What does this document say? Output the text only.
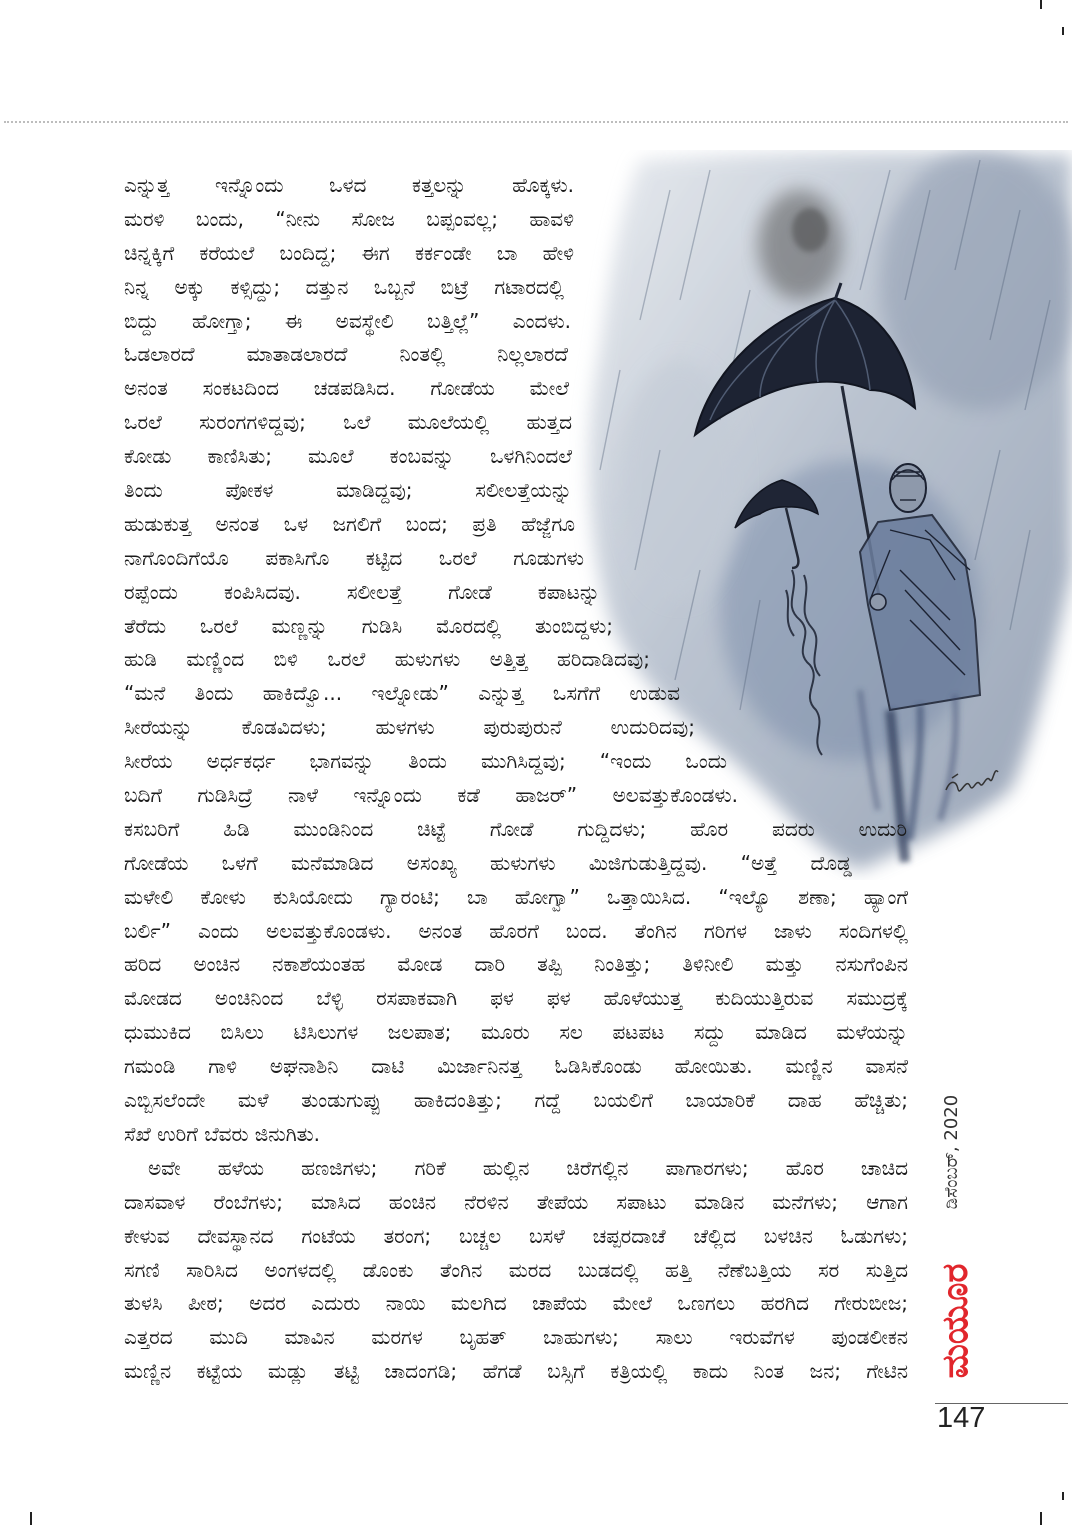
ಎನ್ನುತ್ತ ಇನ್ನೊಂದು ಒಳದ ಕತ್ತಲನ್ನು ಹೊಕ್ಕಳು.
ಮರಳಿ ಬಂದು, “ನೀನು ಸೋಜ ಬಪ್ಪಂವಲ್ಲ; ಹಾವಳಿ
ಚಿನ್ನಕ್ಕಿಗೆ ಕರೆಯಲೆ ಬಂದಿದ್ದ; ಈಗ ಕರ್ಕಂಡೇ ಬಾ ಹೇಳಿ
ನಿನ್ನ ಅಕ್ಕು ಕಳ್ಸಿದ್ದು; ದತ್ತುನ ಒಬ್ಬನೆ ಬಿಟ್ರೆ ಗಟಾರದಲ್ಲಿ
ಬಿದ್ದು ಹೋಗ್ತಾ; ಈ ಅವಸ್ಥೇಲಿ ಬತ್ತಿಲ್ಲೆ” ಎಂದಳು.
ಓಡಲಾರದೆ ಮಾತಾಡಲಾರದೆ ನಿಂತಲ್ಲಿ ನಿಲ್ಲಲಾರದೆ
ಅನಂತ ಸಂಕಟದಿಂದ ಚಡಪಡಿಸಿದ. ಗೋಡೆಯ ಮೇಲೆ
ಒರಲೆ ಸುರಂಗಗಳಿದ್ದವು; ಒಲೆ ಮೂಲೆಯಲ್ಲಿ ಹುತ್ತದ
ಕೋಡು ಕಾಣಿಸಿತು; ಮೂಲೆ ಕಂಬವನ್ನು ಒಳಗಿನಿಂದಲೆ
ತಿಂದು ಪೋಕಳ ಮಾಡಿದ್ದವು; ಸಲೀಲತ್ತೆಯನ್ನು
ಹುಡುಕುತ್ತ ಅನಂತ ಒಳ ಜಗಲಿಗೆ ಬಂದ; ಪ್ರತಿ ಹೆಜ್ಜೆಗೂ
ನಾಗೊಂದಿಗೆಯೊ ಪಕಾಸಿಗೊ ಕಟ್ಟಿದ ಒರಲೆ ಗೂಡುಗಳು
ರಪ್ಪೆಂದು ಕಂಪಿಸಿದವು. ಸಲೀಲತ್ತೆ ಗೋಡೆ ಕಪಾಟನ್ನು
ತೆರೆದು ಒರಲೆ ಮಣ್ಣನ್ನು ಗುಡಿಸಿ ಮೊರದಲ್ಲಿ ತುಂಬಿದ್ದಳು;
ಹುಡಿ ಮಣ್ಣಿಂದ ಬಿಳಿ ಒರಲೆ ಹುಳುಗಳು ಅತ್ತಿತ್ತ ಹರಿದಾಡಿದವು;
“ಮನೆ ತಿಂದು ಹಾಕಿದ್ವೊ... ಇಲ್ನೋಡು” ಎನ್ನುತ್ತ ಒಸಗೆಗೆ ಉಡುವ
ಸೀರೆಯನ್ನು ಕೊಡವಿದಳು; ಹುಳಗಳು ಪುರುಪುರುನೆ ಉದುರಿದವು;
ಸೀರೆಯ ಅರ್ಧಕರ್ಧ ಭಾಗವನ್ನು ತಿಂದು ಮುಗಿಸಿದ್ದವು; “ಇಂದು ಒಂದು
ಬದಿಗೆ ಗುಡಿಸಿದ್ರೆ ನಾಳೆ ಇನ್ನೊಂದು ಕಡೆ ಹಾಜರ್” ಅಲವತ್ತುಕೊಂಡಳು.
ಕಸಬರಿಗೆ ಹಿಡಿ ಮುಂಡಿನಿಂದ ಚಿಟ್ಟೆ ಗೋಡೆ ಗುದ್ದಿದಳು; ಹೊರ ಪದರು ಉದುರಿ
ಗೋಡೆಯ ಒಳಗೆ ಮನೆಮಾಡಿದ ಅಸಂಖ್ಯ ಹುಳುಗಳು ಮಿಜಿಗುಡುತ್ತಿದ್ದವು. “ಅತ್ತೆ ದೊಡ್ಡ
ಮಳೇಲಿ ಕೋಳು ಕುಸಿಯೋದು ಗ್ಯಾರಂಟಿ; ಬಾ ಹೋಗ್ವಾ” ಒತ್ತಾಯಿಸಿದ. “ಇಲ್ಯೊ ಶಣಾ; ಹ್ಯಾಂಗೆ
ಬರ್ಲಿ” ಎಂದು ಅಲವತ್ತುಕೊಂಡಳು. ಅನಂತ ಹೊರಗೆ ಬಂದ. ತೆಂಗಿನ ಗರಿಗಳ ಜಾಳು ಸಂದಿಗಳಲ್ಲಿ
ಹರಿದ ಅಂಚಿನ ನಕಾಶೆಯಂತಹ ಮೋಡ ದಾರಿ ತಪ್ಪಿ ನಿಂತಿತ್ತು; ತಿಳಿನೀಲಿ ಮತ್ತು ನಸುಗೆಂಪಿನ
ಮೋಡದ ಅಂಚಿನಿಂದ ಬೆಳ್ಳಿ ರಸಪಾಕವಾಗಿ ಫಳ ಫಳ ಹೊಳೆಯುತ್ತ ಕುದಿಯುತ್ತಿರುವ ಸಮುದ್ರಕ್ಕೆ
ಧುಮುಕಿದ ಬಿಸಿಲು ಟಿಸಿಲುಗಳ ಜಲಪಾತ; ಮೂರು ಸಲ ಪಟಪಟ ಸದ್ದು ಮಾಡಿದ ಮಳೆಯನ್ನು
ಗಮಂಡಿ ಗಾಳಿ ಅಘನಾಶಿನಿ ದಾಟಿ ಮಿರ್ಜಾನಿನತ್ತ ಓಡಿಸಿಕೊಂಡು ಹೋಯಿತು. ಮಣ್ಣಿನ ವಾಸನೆ
ಎಬ್ಬಿಸಲೆಂದೇ ಮಳೆ ತುಂಡುಗುಪ್ಪು ಹಾಕಿದಂತಿತ್ತು; ಗದ್ದೆ ಬಯಲಿಗೆ ಬಾಯಾರಿಕೆ ದಾಹ ಹೆಚ್ಚಿತು;
ಸೆಖೆ ಉರಿಗೆ ಬೆವರು ಜಿನುಗಿತು.
ಅವೇ ಹಳೆಯ ಹಣಜಿಗಳು; ಗರಿಕೆ ಹುಲ್ಲಿನ ಚಿರೆಗಲ್ಲಿನ ಪಾಗಾರಗಳು; ಹೊರ ಚಾಚಿದ
ದಾಸವಾಳ ರೆಂಬೆಗಳು; ಮಾಸಿದ ಹಂಚಿನ ನೆರಳಿನ ತೇಪೆಯ ಸಪಾಟು ಮಾಡಿನ ಮನೆಗಳು; ಆಗಾಗ
ಕೇಳುವ ದೇವಸ್ಥಾನದ ಗಂಟೆಯ ತರಂಗ; ಬಚ್ಚಲ ಬಸಳೆ ಚಪ್ಪರದಾಚೆ ಚೆಲ್ಲಿದ ಬಳಚಿನ ಓಡುಗಳು;
ಸಗಣಿ ಸಾರಿಸಿದ ಅಂಗಳದಲ್ಲಿ ಡೊಂಕು ತೆಂಗಿನ ಮರದ ಬುಡದಲ್ಲಿ ಹತ್ತಿ ನೆಣೆಬತ್ತಿಯ ಸರ ಸುತ್ತಿದ
ತುಳಸಿ ಪೀಠ; ಅದರ ಎದುರು ನಾಯಿ ಮಲಗಿದ ಚಾಪೆಯ ಮೇಲೆ ಒಣಗಲು ಹರಗಿದ ಗೇರುಬೀಜ;
ಎತ್ತರದ ಮುದಿ ಮಾವಿನ ಮರಗಳ ಬೃಹತ್ ಬಾಹುಗಳು; ಸಾಲು ಇರುವೆಗಳ ಪುಂಡಲೀಕನ
ಮಣ್ಣಿನ ಕಟ್ಟೆಯ ಮಡ್ಲು ತಟ್ಟಿ ಚಾದಂಗಡಿ; ಹೆಗಡೆ ಬಸ್ಸಿಗೆ ಕತ್ರಿಯಲ್ಲಿ ಕಾದು ನಿಂತ ಜನ; ಗೇಟಿನ
ಡಿಸೆಂಬರ್, 2020
ಮಯೂರ
147
